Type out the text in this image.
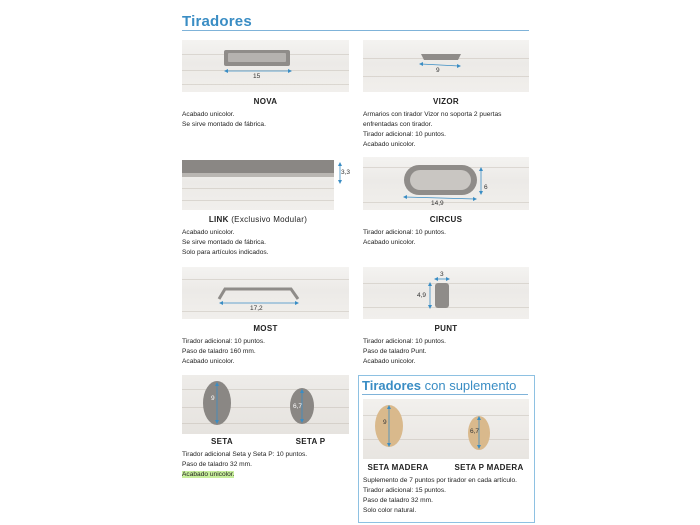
Tiradores
15
NOVA
Acabado unicolor.
Se sirve montado de fábrica.
9
VIZOR
Armarios con tirador Vizor no soporta 2 puertas
enfrentadas con tirador.
Tirador adicional: 10 puntos.
Acabado unicolor.
3,3
LINK (Exclusivo Modular)
Acabado unicolor.
Se sirve montado de fábrica.
Solo para artículos indicados.
14,9
6
CIRCUS
Tirador adicional: 10 puntos.
Acabado unicolor.
17,2
MOST
Tirador adicional: 10 puntos.
Paso de taladro 160 mm.
Acabado unicolor.
3
4,9
PUNT
Tirador adicional: 10 puntos.
Paso de taladro Punt.
Acabado unicolor.
9
6,7
SETA	SETA P
Tirador adicional Seta y Seta P: 10 puntos.
Paso de taladro 32 mm.
Acabado unicolor.
Tiradores con suplemento
9
6,7
SETA MADERA	SETA P MADERA
Suplemento de 7 puntos por tirador en cada artículo.
Tirador adicional: 15 puntos.
Paso de taladro 32 mm.
Solo color natural.
